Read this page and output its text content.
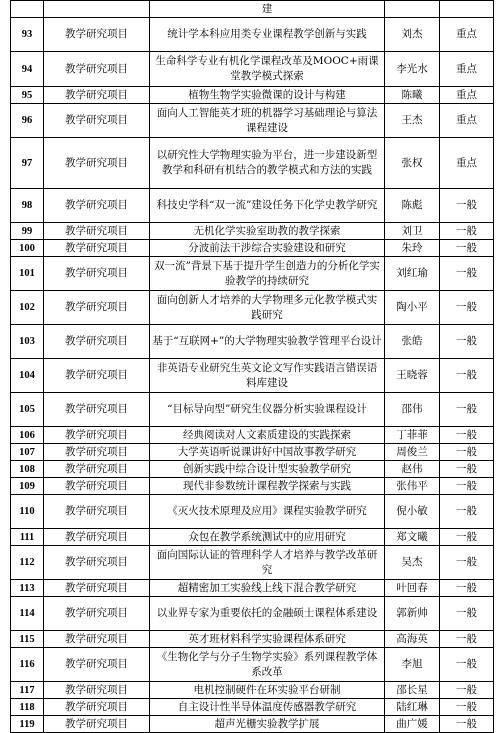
		建		
93	教学研究项目	统计学本科应用类专业课程教学创新与实践	刘杰	重点
94	教学研究项目	生命科学专业有机化学课程改革及MOOC+雨课堂教学模式探索	李光水	重点
95	教学研究项目	植物生物学实验微课的设计与构建	陈曦	重点
96	教学研究项目	面向人工智能英才班的机器学习基础理论与算法课程建设	王杰	重点
97	教学研究项目	以研究性大学物理实验为平台，进一步建设新型教学和科研有机结合的教学模式和方法的实践	张权	重点
98	教学研究项目	科技史学科“双一流”建设任务下化学史教学研究	陈彪	一般
99	教学研究项目	无机化学实验室助教的教学探索	刘卫	一般
100	教学研究项目	分波前法干涉综合实验建设和研究	朱玲	一般
101	教学研究项目	双一流”背景下基于提升学生创造力的分析化学实验教学的持续研究	刘红瑜	一般
102	教学研究项目	面向创新人才培养的大学物理多元化教学模式实践研究	陶小平	一般
103	教学研究项目	基于“互联网+”的大学物理实验教学管理平台设计	张皓	一般
104	教学研究项目	非英语专业研究生英文论文写作实践语言错误语料库建设	王晓蓉	一般
105	教学研究项目	“目标导向型”研究生仪器分析实验课程设计	邵伟	一般
106	教学研究项目	经典阅读对人文素质建设的实践探索	丁菲菲	一般
107	教学研究项目	大学英语听说课讲好中国故事教学研究	周俊兰	一般
108	教学研究项目	创新实践中综合设计型实验教学研究	赵伟	一般
109	教学研究项目	现代非参数统计课程教学探索与实践	张伟平	一般
110	教学研究项目	《灭火技术原理及应用》课程实验教学研究	倪小敏	一般
111	教学研究项目	众包在教学系统测试中的应用研究	郑文曦	一般
112	教学研究项目	面向国际认证的管理科学人才培养与教学改革研究	吴杰	一般
113	教学研究项目	超精密加工实验线上线下混合教学研究	叶回春	一般
114	教学研究项目	以业界专家为重要依托的金融硕士课程体系建设	郭新帅	一般
115	教学研究项目	英才班材料科学实验课程体系研究	高海英	一般
116	教学研究项目	《生物化学与分子生物学实验》系列课程教学体系改革	李旭	一般
117	教学研究项目	电机控制硬件在环实验平台研制	邵长星	一般
118	教学研究项目	自主设计性半导体温度传感器教学研究	陆红琳	一般
119	教学研究项目	超声光栅实验教学扩展	曲广媛	一般
